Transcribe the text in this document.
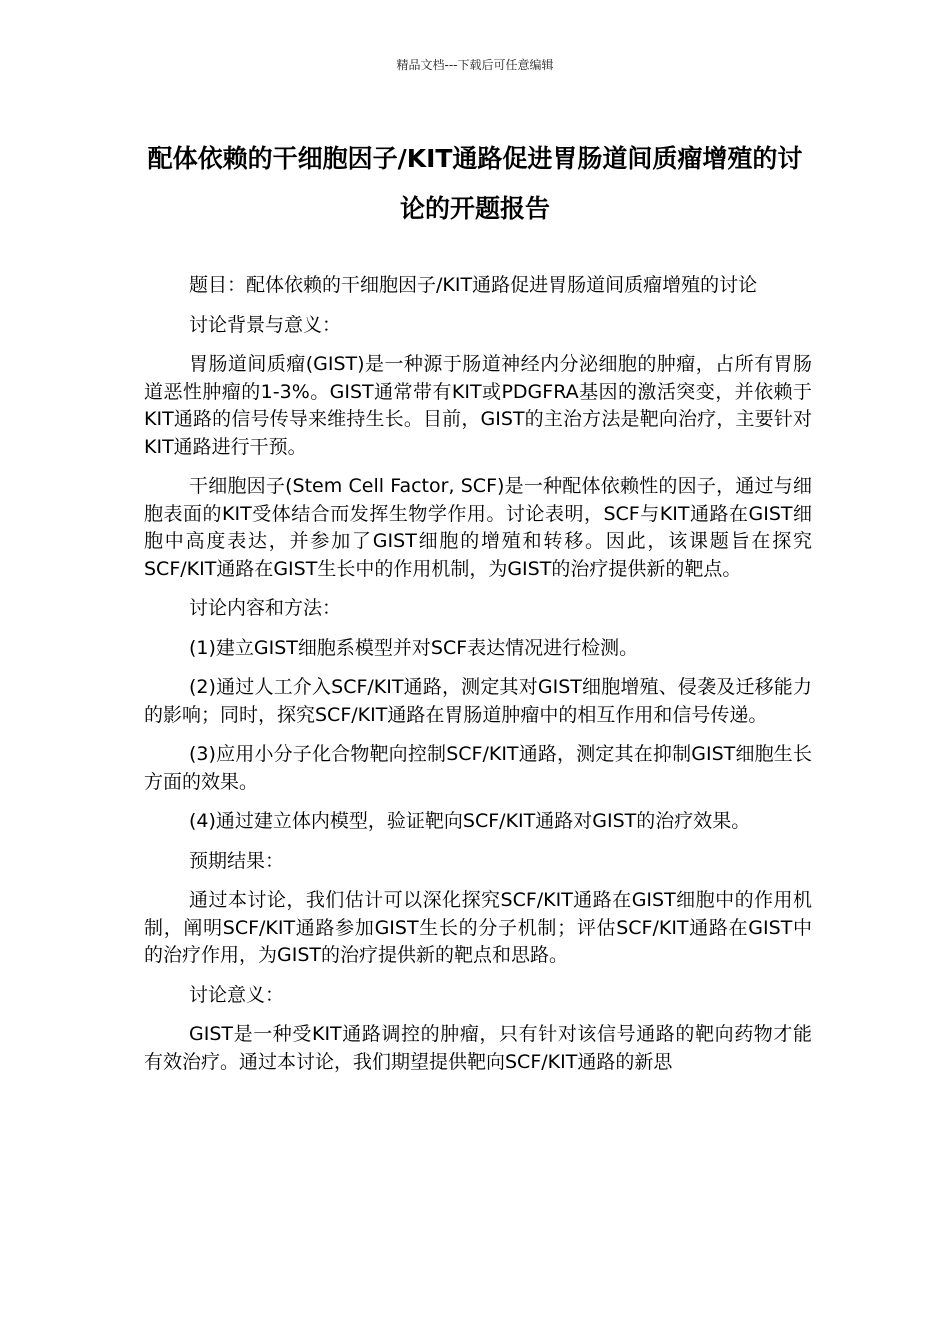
精品文档---下载后可任意编辑
配体依赖的干细胞因子/KIT通路促进胃肠道间质瘤增殖的讨论的开题报告

题目：配体依赖的干细胞因子/KIT通路促进胃肠道间质瘤增殖的讨论

讨论背景与意义：

胃肠道间质瘤(GIST)是一种源于肠道神经内分泌细胞的肿瘤，占所有胃肠道恶性肿瘤的1-3%。GIST通常带有KIT或PDGFRA基因的激活突变，并依赖于KIT通路的信号传导来维持生长。目前，GIST的主治方法是靶向治疗，主要针对KIT通路进行干预。

干细胞因子(Stem Cell Factor, SCF)是一种配体依赖性的因子，通过与细胞表面的KIT受体结合而发挥生物学作用。讨论表明，SCF与KIT通路在GIST细胞中高度表达，并参加了GIST细胞的增殖和转移。因此，该课题旨在探究SCF/KIT通路在GIST生长中的作用机制，为GIST的治疗提供新的靶点。

讨论内容和方法：

(1)建立GIST细胞系模型并对SCF表达情况进行检测。

(2)通过人工介入SCF/KIT通路，测定其对GIST细胞增殖、侵袭及迁移能力的影响；同时，探究SCF/KIT通路在胃肠道肿瘤中的相互作用和信号传递。

(3)应用小分子化合物靶向控制SCF/KIT通路，测定其在抑制GIST细胞生长方面的效果。

(4)通过建立体内模型，验证靶向SCF/KIT通路对GIST的治疗效果。

预期结果：

通过本讨论，我们估计可以深化探究SCF/KIT通路在GIST细胞中的作用机制，阐明SCF/KIT通路参加GIST生长的分子机制；评估SCF/KIT通路在GIST中的治疗作用，为GIST的治疗提供新的靶点和思路。

讨论意义：

GIST是一种受KIT通路调控的肿瘤，只有针对该信号通路的靶向药物才能有效治疗。通过本讨论，我们期望提供靶向SCF/KIT通路的新思
